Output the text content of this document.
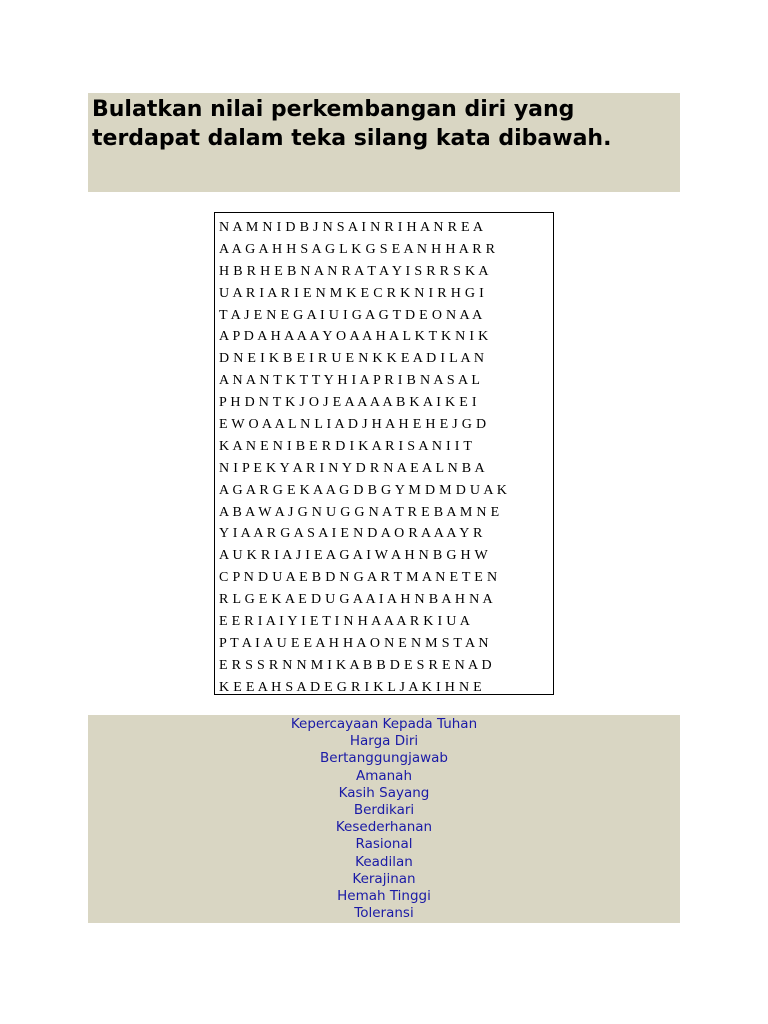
Bulatkan nilai perkembangan diri yang terdapat dalam teka silang kata dibawah.
N A M N I D B J N S A I N R I H A N R E A
A A G A H H S A G L K G S E A N H H A R R
H B R H E B N A N R A T A Y I S R R S K A
U A R I A R I E N M K E C R K N I R H G I
T A J E N E G A I U I G A G T D E O N A A
A P D A H A A A Y O A A H A L K T K N I K
D N E I K B E I R U E N K K E A D I L A N
A N A N T K T T Y H I A P R I B N A S A L
P H D N T K J O J E A A A A B K A I K E I
E W O A A L N L I A D J H A H E H E J G D
K A N E N I B E R D I K A R I S A N I I T
N I P E K Y A R I N Y D R N A E A L N B A
A G A R G E K A A G D B G Y M D M D U A K
A B A W A J G N U G G N A T R E B A M N E
Y I A A R G A S A I E N D A O R A A A Y R
A U K R I A J I E A G A I W A H N B G H W
C P N D U A E B D N G A R T M A N E T E N
R L G E K A E D U G A A I A H N B A H N A
E E R I A I Y I E T I N H A A A R K I U A
P T A I A U E E A H H A O N E N M S T A N
E R S S R N N M I K A B B D E S R E N A D
K E E A H S A D E G R I K L J A K I H N E
Kepercayaan Kepada Tuhan
Harga Diri
Bertanggungjawab
Amanah
Kasih Sayang
Berdikari
Kesederhanan
Rasional
Keadilan
Kerajinan
Hemah Tinggi
Toleransi
